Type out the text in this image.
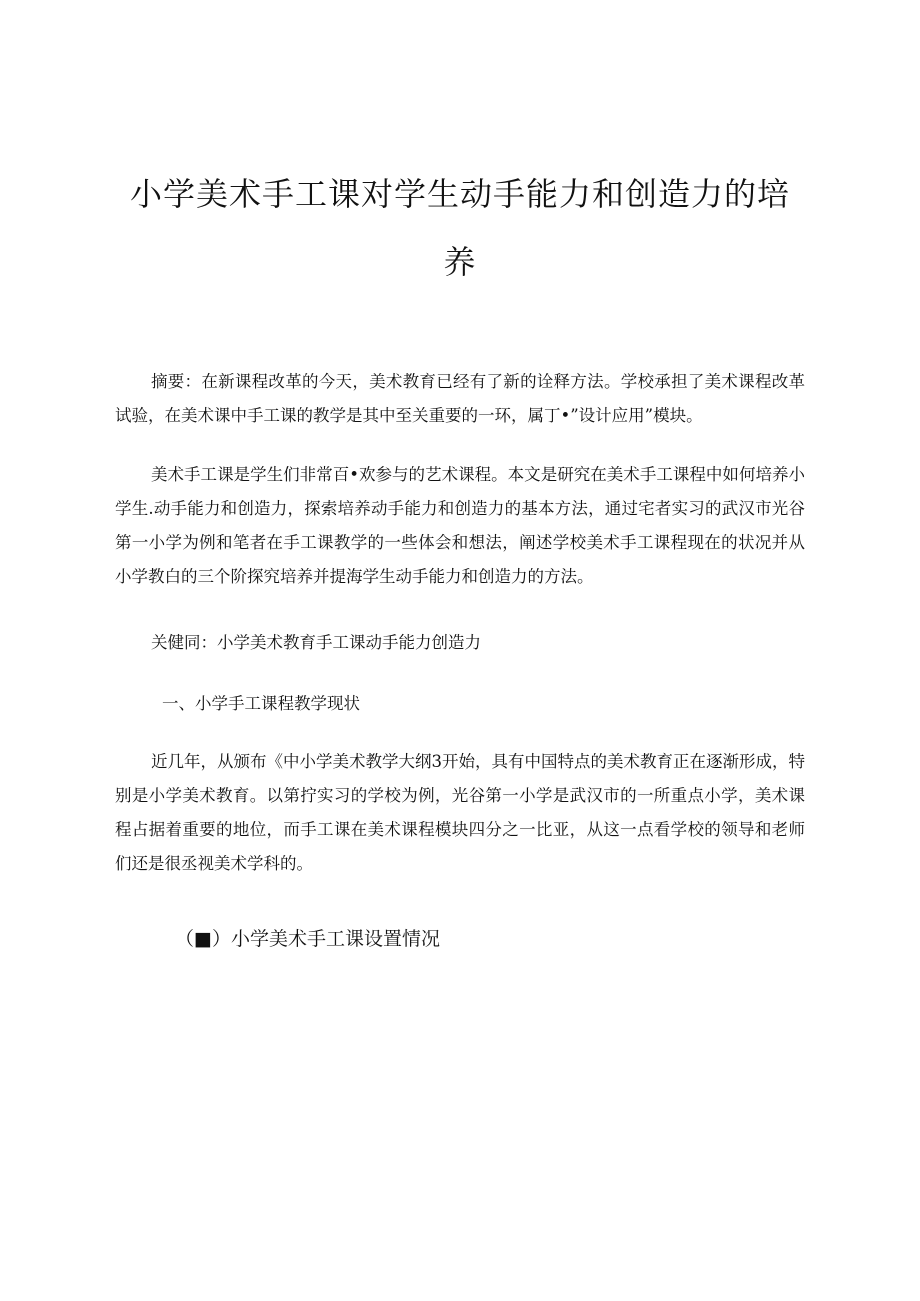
小学美术手工课对学生动手能力和创造力的培
养

摘要：在新课程改革的今天，美术教育已经有了新的诠释方法。学校承担了美术课程改革试验，在美术课中手工课的教学是其中至关重要的一环，属丁•”设计应用”模块。

美术手工课是学生们非常百•欢参与的艺术课程。本文是研究在美术手工课程中如何培养小学生.动手能力和创造力，探索培养动手能力和创造力的基本方法，通过宅者实习的武汉市光谷第一小学为例和笔者在手工课教学的一些体会和想法，阐述学校美术手工课程现在的状况并从小学教白的三个阶探究培养并提海学生动手能力和创造力的方法。

关健同：小学美术教育手工课动手能力创造力

一、小学手工课程教学现状

近几年，从颁布《中小学美术教学大纲3开始，具有中国特点的美术教育正在逐渐形成，特别是小学美术教育。以第拧实习的学校为例，光谷第一小学是武汉市的一所重点小学，美术课程占据着重要的地位，而手工课在美术课程模块四分之一比亚，从这一点看学校的领导和老师们还是很丞视美术学科的。

（■）小学美术手工课设置情况
